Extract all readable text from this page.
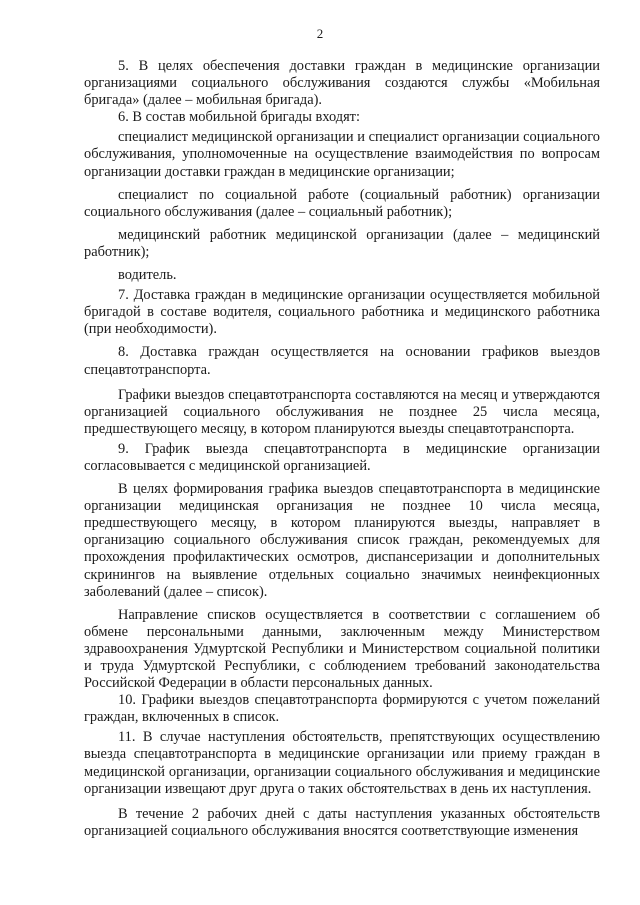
2

5. В целях обеспечения доставки граждан в медицинские организации организациями социального обслуживания создаются службы «Мобильная бригада» (далее – мобильная бригада).

6. В состав мобильной бригады входят:

специалист медицинской организации и специалист организации социального обслуживания, уполномоченные на осуществление взаимодействия по вопросам организации доставки граждан в медицинские организации;

специалист по социальной работе (социальный работник) организации социального обслуживания (далее – социальный работник);

медицинский работник медицинской организации (далее – медицинский работник);

водитель.

7. Доставка граждан в медицинские организации осуществляется мобильной бригадой в составе водителя, социального работника и медицинского работника (при необходимости).

8. Доставка граждан осуществляется на основании графиков выездов спецавтотранспорта.

Графики выездов спецавтотранспорта составляются на месяц и утверждаются организацией социального обслуживания не позднее 25 числа месяца, предшествующего месяцу, в котором планируются выезды спецавтотранспорта.

9. График выезда спецавтотранспорта в медицинские организации согласовывается с медицинской организацией.

В целях формирования графика выездов спецавтотранспорта в медицинские организации медицинская организация не позднее 10 числа месяца, предшествующего месяцу, в котором планируются выезды, направляет в организацию социального обслуживания список граждан, рекомендуемых для прохождения профилактических осмотров, диспансеризации и дополнительных скринингов на выявление отдельных социально значимых неинфекционных заболеваний (далее – список).

Направление списков осуществляется в соответствии с соглашением об обмене персональными данными, заключенным между Министерством здравоохранения Удмуртской Республики и Министерством социальной политики и труда Удмуртской Республики, с соблюдением требований законодательства Российской Федерации в области персональных данных.

10. Графики выездов спецавтотранспорта формируются с учетом пожеланий граждан, включенных в список.

11. В случае наступления обстоятельств, препятствующих осуществлению выезда спецавтотранспорта в медицинские организации или приему граждан в медицинской организации, организации социального обслуживания и медицинские организации извещают друг друга о таких обстоятельствах в день их наступления.

В течение 2 рабочих дней с даты наступления указанных обстоятельств организацией социального обслуживания вносятся соответствующие изменения
